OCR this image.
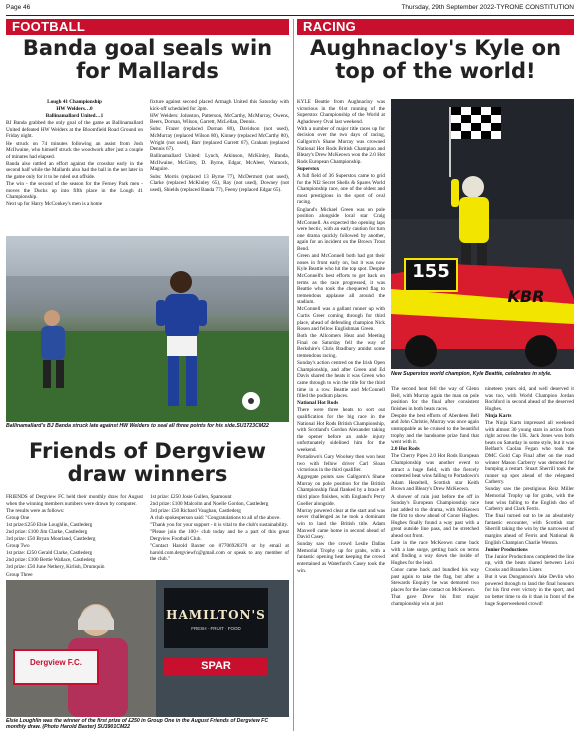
Page 46	Thursday, 29th September 2022-TYRONE CONSTITUTION
FOOTBALL
Banda goal seals win
for Mallards

Lough 41 Championship

HW Welders…0

Ballinamallard United…1

BJ Banda grabbed the only goal of the game as Ballinamallard United defeated HW Welders at the Bloomfield Road Ground on Friday night.

He struck on 74 minutes following an assist from Josh McIlwaine, who himself struck the woodwork after just a couple of minutes had elapsed.

Banda also rattled an effort against the crossbar early in the second half while the Mallards also had the ball in the net later in the game only for it to be ruled out offside.

The win - the second of the season for the Ferney Park men - moves the Ducks up into fifth place in the Lough 41 Championship.

Next up for Harry McConkey's men is a home

fixture against second placed Armagh United this Saturday with kick-off scheduled for 3pm.

HW Welders: Johnston, Patterson, McCarthy, McMurray, Owens, Beers, Dornan, Wilson, Garrett, McLellan, Dennis.

Subs: Frazer (replaced Dornan 80), Davidson (not used), McMurray (replaced Wilson 80), Kinney (replaced McCarthy 80), Wright (not used), Barr (replaced Garrett 67), Graham (replaced Dennis 67).

Ballinamallard United: Lynch, Atkinson, McKinley, Banda, McIlwaine, McGinty, D. Byrne, Edgar, McAleer, Warnock, Maguire.

Subs: Morris (replaced 13 Byrne 77), McDermott (not used), Clarke (replaced McKinley 65), Ray (not used), Downey (not used), Shields (replaced Banda 77), Feeny (replaced Edgar 65).

Ballinamallard's BJ Banda struck late against HW Welders to seal all three points for his side.SU1723CM22
Friends of Dergview
draw winners

FRIENDS of Dergview FC held their monthly draw for August when the winning members numbers were drawn by computer.

The results were as follows:

Group One

1st prize:£250 Elsie Loughlin, Castlederg

2nd prize: £100 Jim Clarke, Castlederg

3rd prize: £50 Bryan Moorland, Castlederg

Group Two

1st prize: £250 Gerald Clarke, Castlederg

2nd prize: £100 Bertie Wallace, Castlederg

3rd prize: £50 June Nethery, Kirlish, Drumquin

Group Three

1st prize: £250 Josie Gullen, Spamount

2nd prize: £100 Malcolm and Noelle Gordon, Castlederg

3rd prize: £50 Richard Vaughan, Castlederg

A club spokesperson said: "Congratulations to all of the above.

"Thank you for your support - it is vital to the club's sustainability.

"Please join the 100+ club today and be a part of this great Dergview Football Club.

"Contact Harold Baxter on 07706928370 or by email at harold.com.dergviewfc@gmail.com or speak to any member of the club."

Dergview F.C.
HAMILTON'S
FRESH · FRUIT · FOOD
SPAR
Elsie Loughlin was the winner of the first prize of £250 in Group One in the August Friends of Dergview FC monthly draw. (Photo Harold Baxter) SU3901CM22
RACING
Aughnacloy's Kyle on
top of the world!

KYLE Beattie from Aughnacloy was victorious in the 61st running of the Superstox Championship of the World at Aghadowey Oval last weekend.

With a number of major title races up for decision over the two days of racing, Gallgorm's Shane Murray was crowned National Hot Rods British Champion and Bleary's Drew McKeown won the 2.0 Hot Rods European Championship.

Superstox

A full field of 36 Superstox came to grid for the NI2 Secret Shells & Spares World Championship race, one of the oldest and most prestigious in the sport of oval racing.

England's Michael Green was on pole position alongside local star Craig McConnell. As expected the opening laps were hectic, with an early caution for turn one drama quickly followed by another, again for an incident on the Brown Trout Bend.

Green and McConnell both had got their noses in front early on, but it was now Kyle Beattie who hit the top spot. Despite McConnell's best efforts to get back on terms as the race progressed, it was Beattie who took the chequered flag to tremendous applause all around the stadium.

McConnell was a gallant runner up with Curtis Greer coming through for third place, ahead of defending champion Nick Rosen and fellow Englishman Green.

Both the Allcomers Heat and Meeting Final on Saturday fell the way of Berkshire's Chris Bradbury amidst some tremendous racing.

Sunday's action centred on the Irish Open Championship, and after Green and Ed Davis shared the heats it was Green who came through to win the title for the third time in a row. Beattie and McConnell filled the podium places.

National Hot Rods

There were three heats to sort out qualification for the big race in the National Hot Rods British Championship, with Scotland's Gordon Alexander taking the opener before an ankle injury unfortunately sidelined him for the weekend.

Portadown's Gary Woolsey then won heat two with fellow driver Carl Sloan victorious in the third qualifier.

Aggregate points saw Gallgorm's Shane Murray on pole position for the British Championship final flanked by a brace of third place finishes, with England's Perry Goeller alongside.

Murray powered clear at the start and was never challenged as he took a dominant win to land the British title. Adam Maxwell came home in second ahead of David Casey.

Sunday saw the crowd Leslie Dallas Memorial Trophy up for grabs, with a fantastic opening heat keeping the crowd entertained as Waterford's Casey took the win.

155
KBR
New Superstox world champion, Kyle Beattie, celebrates in style.

The second heat fell the way of Glenn Bell, with Murray again the man on pole position for the final after consistent finishes in both heats races.

Despite the best efforts of Aberdeen Bell and John Christie, Murray was once again unstoppable as he cruised to the beautiful trophy and the handsome prize fund that went with it.

2.0 Hot Rods

The Cherry Pipes 2.0 Hot Rods European Championship was another event to attract a huge field, with the fiercely contested heat wins falling to Portadown's Adam Hezeltell, Scottish star Keith Brown and Bleary's Drew McKeown.

A shower of rain just before the off in Sunday's European Championship race just added to the drama, with McKeown the first to show ahead of Conor Hughes. Hughes finally found a way past with a great outside line pass, and he stretched ahead out front.

Late in the race McKeown came back with a late surge, getting back on terms and finding a way down the inside of Hughes for the lead.

Conor came back and bundled his way past again to take the flag, but after a Stewards Enquiry he was demoted two places for the late contact on McKeown.

That gave Drew his first major championship win at just

nineteen years old, and well deserved it was too, with World Champion Jordan Rochford in second ahead of the deserved Hughes.

Ninja Karts

The Ninja Karts impressed all weekend with almost 30 young stars in action from right across the UK. Jack Jones won both heats on Saturday in some style, but it was Belfast's Caolan Fegan who took the DMC Gold Cup Final after on the road winner Mason Carberry was demoted for bumping a restart. Stuart Sherrill took the runner up spot ahead of the relegated Carberry.

Sunday saw the prestigious Reiz Miller Memorial Trophy up for grabs, with the heat wins falling to the English duo of Carberry and Clark Ferris.

The final turned out to be an absolutely fantastic encounter, with Scottish star Sherrill taking the win by the narrowest of margins ahead of Ferris and National & English Champion Charlie Weston.

Junior Productions

The Junior Productions completed the line up, with the heats shared between Lexi Crooks and Brandon Lister.

But it was Dungannon's Jake Devlin who powered through to land the final honours for his first ever victory in the sport, and no better time to do it than in front of the huge Superweekend crowd!
